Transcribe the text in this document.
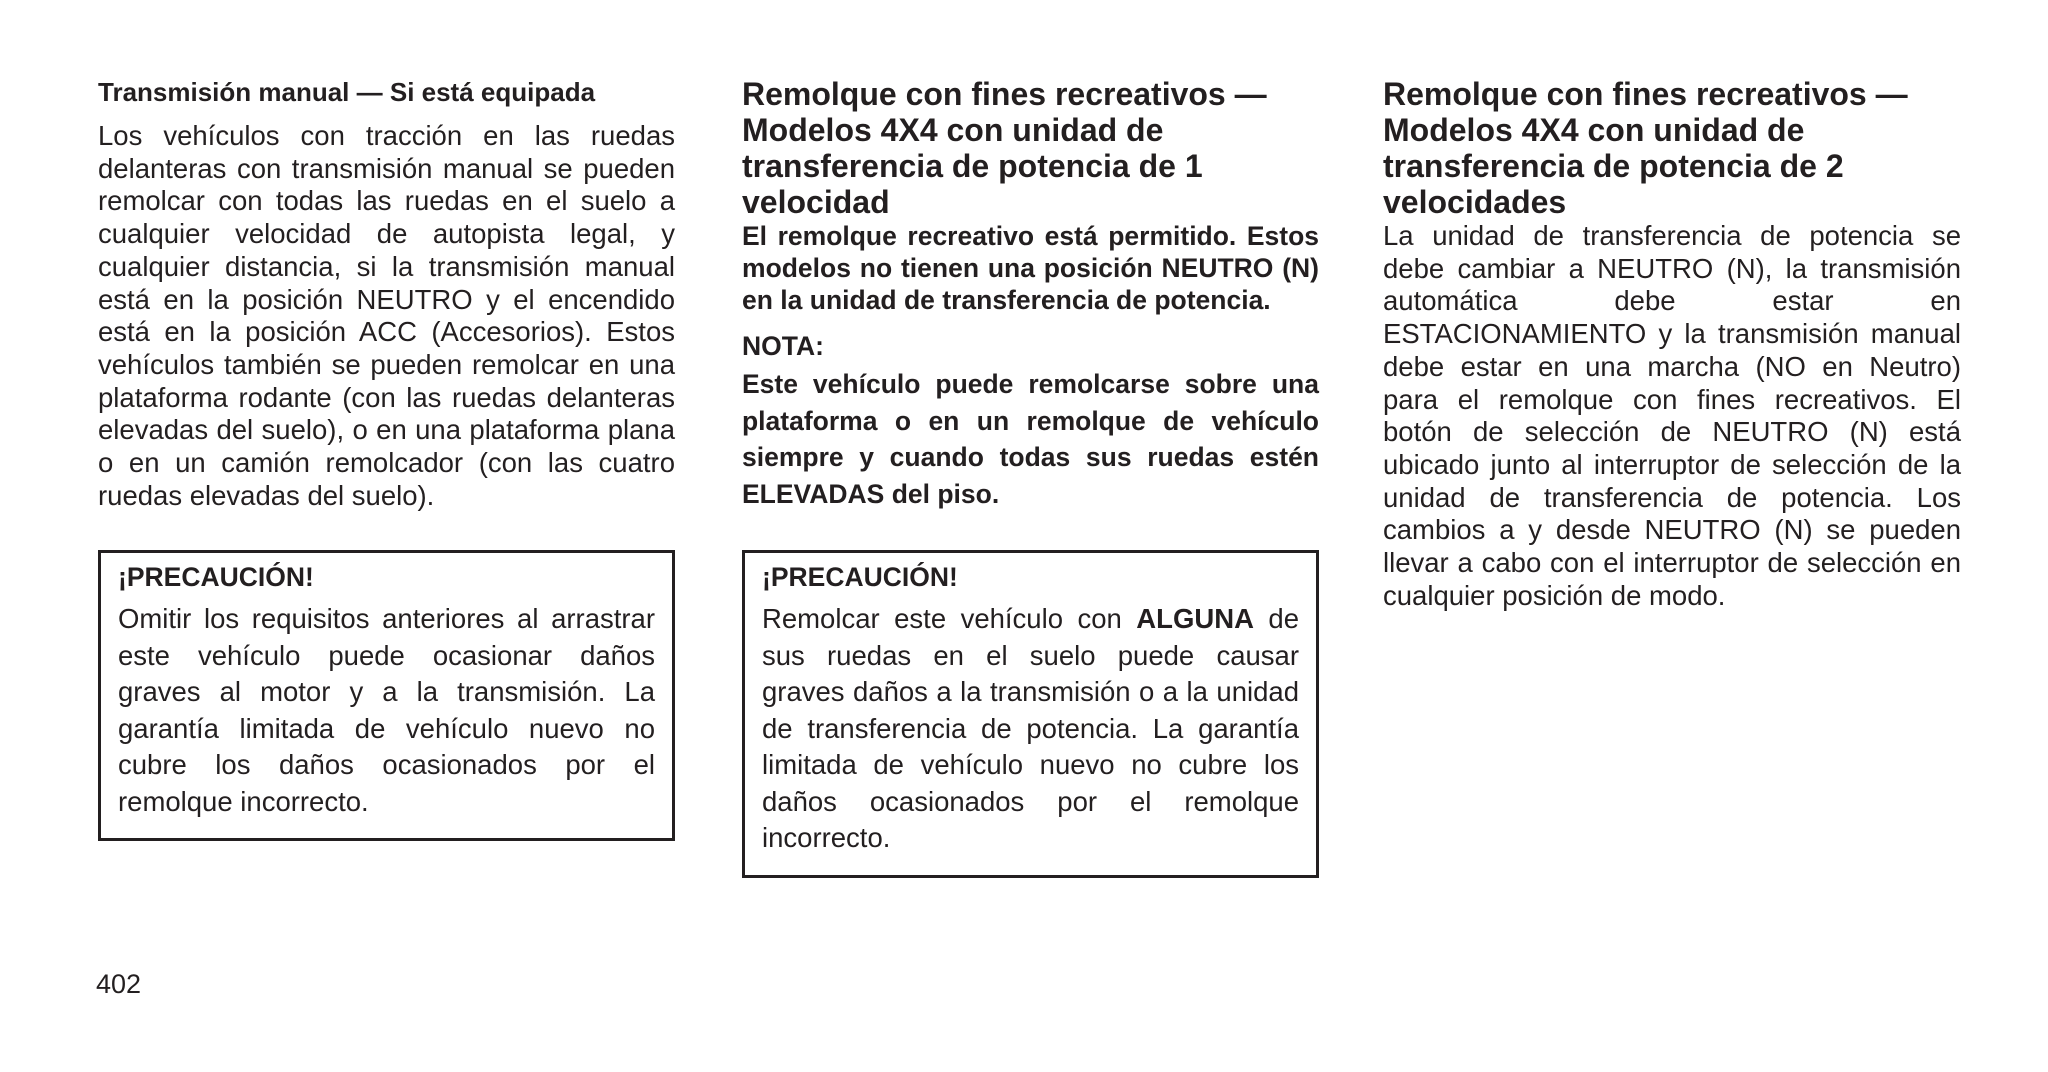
Transmisión manual — Si está equipada

Los vehículos con tracción en las ruedas delanteras con transmisión manual se pueden remolcar con todas las ruedas en el suelo a cualquier velocidad de autopista legal, y cualquier distancia, si la transmisión manual está en la posición NEUTRO y el encendido está en la posición ACC (Accesorios). Estos vehículos también se pueden remolcar en una plataforma rodante (con las ruedas delanteras elevadas del suelo), o en una plataforma plana o en un camión remolcador (con las cuatro ruedas elevadas del suelo).

¡PRECAUCIÓN!

Omitir los requisitos anteriores al arrastrar este vehículo puede ocasionar daños graves al motor y a la transmisión. La garantía limitada de vehículo nuevo no cubre los daños ocasionados por el remolque incorrecto.

Remolque con fines recreativos — Modelos 4X4 con unidad de transferencia de potencia de 1 velocidad

El remolque recreativo está permitido. Estos modelos no tienen una posición NEUTRO (N) en la unidad de transferencia de potencia.

NOTA:

Este vehículo puede remolcarse sobre una plataforma o en un remolque de vehículo siempre y cuando todas sus ruedas estén ELEVADAS del piso.

¡PRECAUCIÓN!

Remolcar este vehículo con ALGUNA de sus ruedas en el suelo puede causar graves daños a la transmisión o a la unidad de transferencia de potencia. La garantía limitada de vehículo nuevo no cubre los daños ocasionados por el remolque incorrecto.

Remolque con fines recreativos — Modelos 4X4 con unidad de transferencia de potencia de 2 velocidades

La unidad de transferencia de potencia se debe cambiar a NEUTRO (N), la transmisión automática debe estar en ESTACIONAMIENTO y la transmisión manual debe estar en una marcha (NO en Neutro) para el remolque con fines recreativos. El botón de selección de NEUTRO (N) está ubicado junto al interruptor de selección de la unidad de transferencia de potencia. Los cambios a y desde NEUTRO (N) se pueden llevar a cabo con el interruptor de selección en cualquier posición de modo.

402
